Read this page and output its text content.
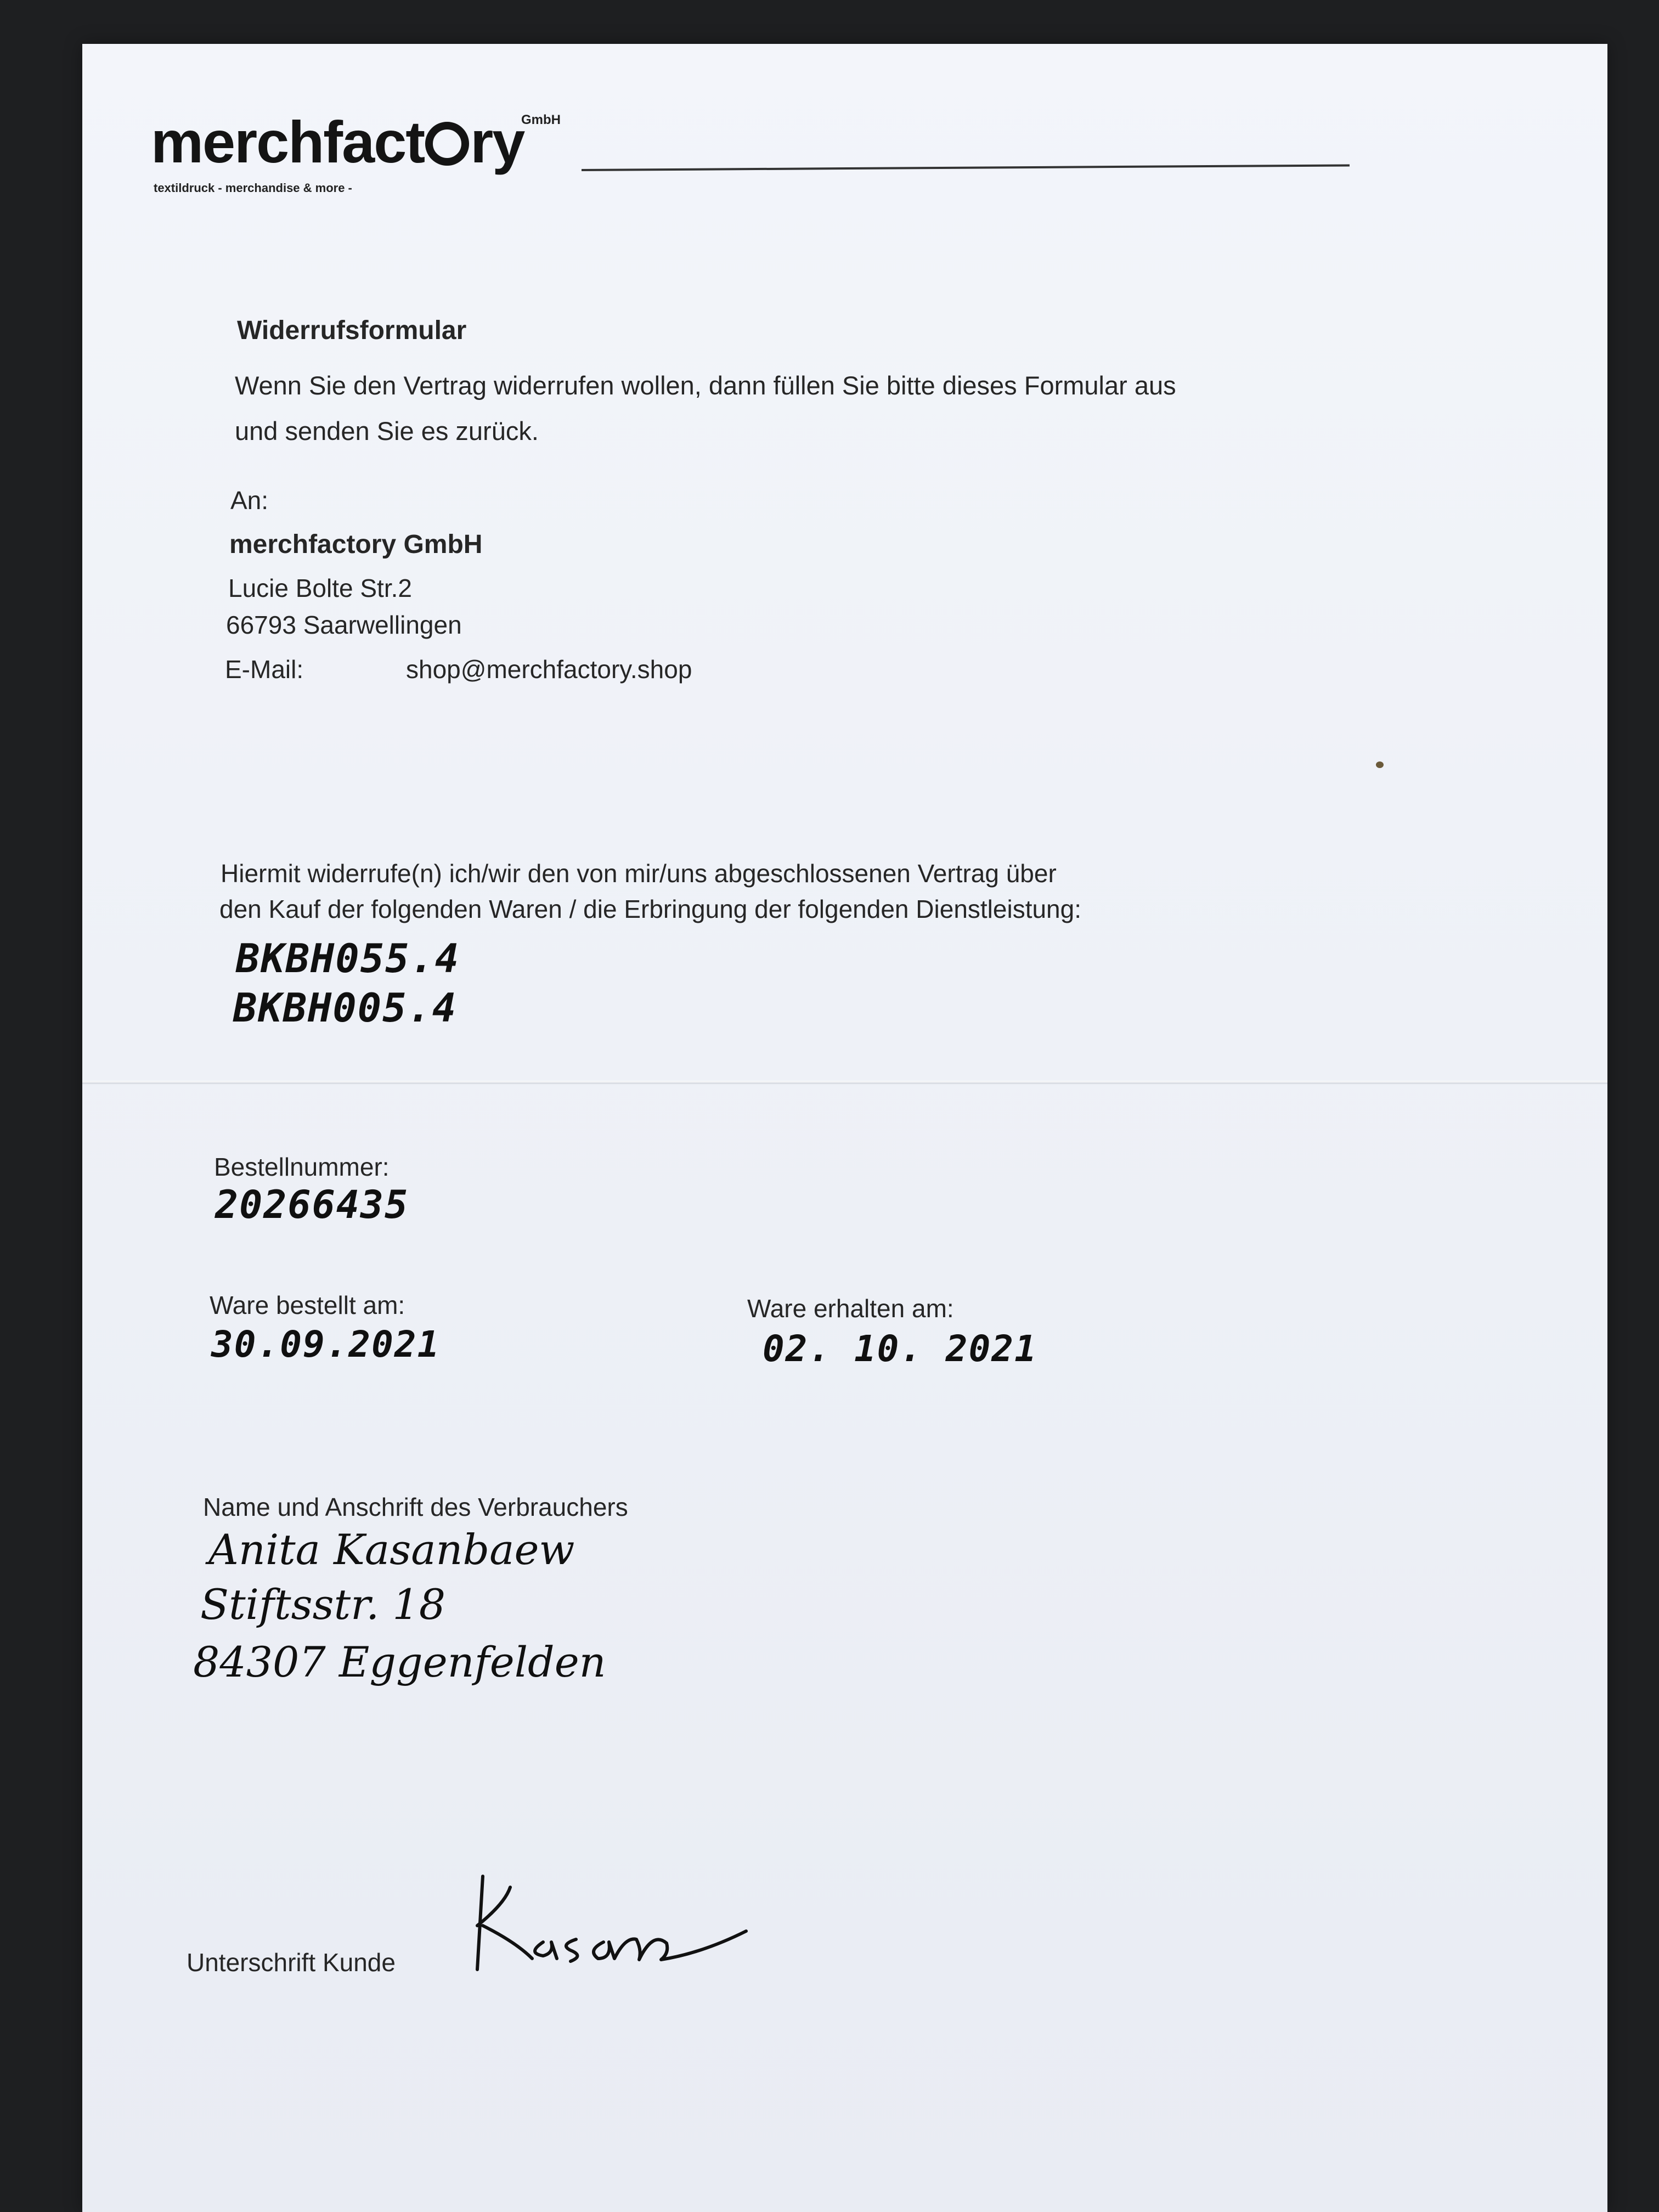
merchfact ry
GmbH
textildruck - merchandise & more -
Widerrufsformular
Wenn Sie den Vertrag widerrufen wollen, dann füllen Sie bitte dieses Formular aus
und senden Sie es zurück.
An:
merchfactory GmbH
Lucie Bolte Str.2
66793 Saarwellingen
E-Mail:	shop@merchfactory.shop
Hiermit widerrufe(n) ich/wir den von mir/uns abgeschlossenen Vertrag über
den Kauf der folgenden Waren / die Erbringung der folgenden Dienstleistung:
BKBH055.4
BKBH005.4
Bestellnummer:
20266435
Ware bestellt am:
30.09.2021
Ware erhalten am:
02. 10. 2021
Name und Anschrift des Verbrauchers
Anita Kasanbaew
Stiftsstr. 18
84307 Eggenfelden
Unterschrift Kunde
